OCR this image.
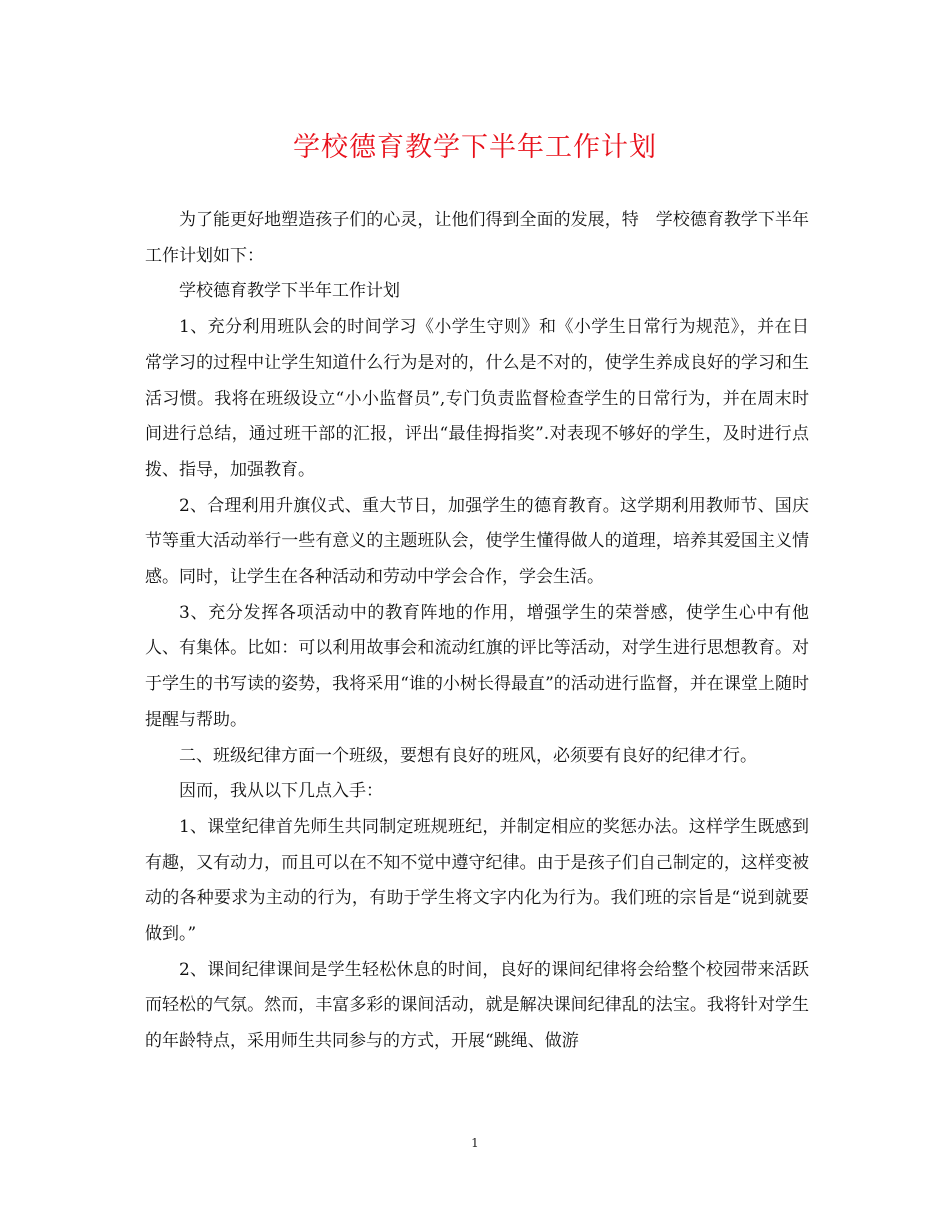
学校德育教学下半年工作计划

为了能更好地塑造孩子们的心灵，让他们得到全面的发展，特　学校德育教学下半年工作计划如下：

学校德育教学下半年工作计划

1、充分利用班队会的时间学习《小学生守则》和《小学生日常行为规范》，并在日常学习的过程中让学生知道什么行为是对的，什么是不对的，使学生养成良好的学习和生活习惯。我将在班级设立“小小监督员”,专门负责监督检查学生的日常行为，并在周末时间进行总结，通过班干部的汇报，评出“最佳拇指奖”.对表现不够好的学生，及时进行点拨、指导，加强教育。

2、合理利用升旗仪式、重大节日，加强学生的德育教育。这学期利用教师节、国庆节等重大活动举行一些有意义的主题班队会，使学生懂得做人的道理，培养其爱国主义情感。同时，让学生在各种活动和劳动中学会合作，学会生活。

3、充分发挥各项活动中的教育阵地的作用，增强学生的荣誉感，使学生心中有他人、有集体。比如：可以利用故事会和流动红旗的评比等活动，对学生进行思想教育。对于学生的书写读的姿势，我将采用“谁的小树长得最直”的活动进行监督，并在课堂上随时提醒与帮助。

二、班级纪律方面一个班级，要想有良好的班风，必须要有良好的纪律才行。

因而，我从以下几点入手：

1、课堂纪律首先师生共同制定班规班纪，并制定相应的奖惩办法。这样学生既感到有趣，又有动力，而且可以在不知不觉中遵守纪律。由于是孩子们自己制定的，这样变被动的各种要求为主动的行为，有助于学生将文字内化为行为。我们班的宗旨是“说到就要做到。”

2、课间纪律课间是学生轻松休息的时间，良好的课间纪律将会给整个校园带来活跃而轻松的气氛。然而，丰富多彩的课间活动，就是解决课间纪律乱的法宝。我将针对学生的年龄特点，采用师生共同参与的方式，开展“跳绳、做游

1
